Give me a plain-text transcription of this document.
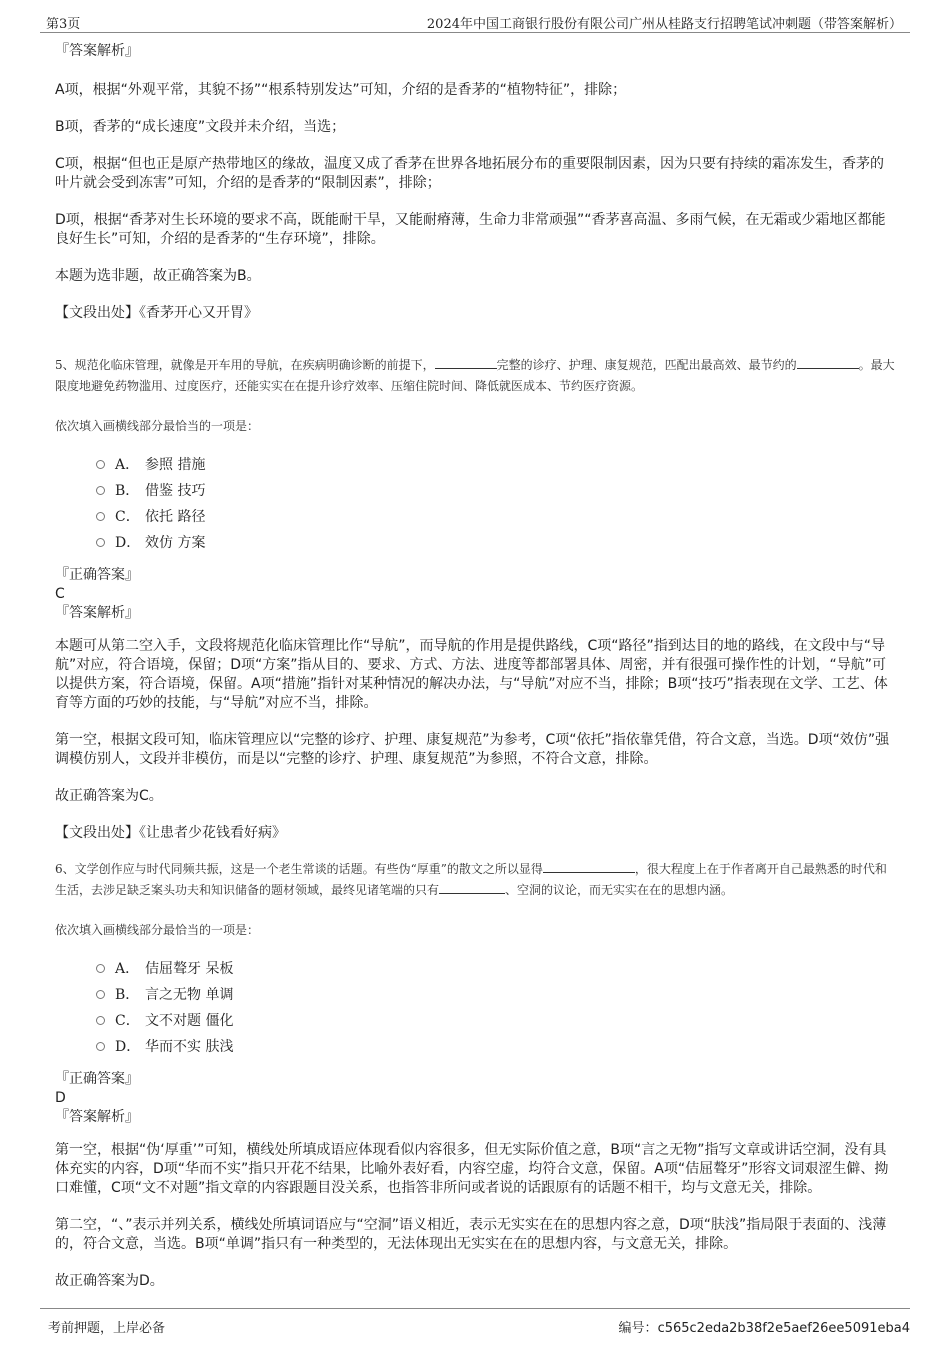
第3页	2024年中国工商银行股份有限公司广州从桂路支行招聘笔试冲刺题（带答案解析）

『答案解析』

A项，根据“外观平常，其貌不扬”“根系特别发达”可知，介绍的是香茅的“植物特征”，排除；

B项，香茅的“成长速度”文段并未介绍，当选；

C项，根据“但也正是原产热带地区的缘故，温度又成了香茅在世界各地拓展分布的重要限制因素，因为只要有持续的霜冻发生，香茅的叶片就会受到冻害”可知，介绍的是香茅的“限制因素”，排除；

D项，根据“香茅对生长环境的要求不高，既能耐干旱，又能耐瘠薄，生命力非常顽强”“香茅喜高温、多雨气候，在无霜或少霜地区都能良好生长”可知，介绍的是香茅的“生存环境”，排除。

本题为选非题，故正确答案为B。

【文段出处】《香茅开心又开胃》

5、规范化临床管理，就像是开车用的导航，在疾病明确诊断的前提下，	完整的诊疗、护理、康复规范，匹配出最高效、最节约的	。最大限度地避免药物滥用、过度医疗，还能实实在在提升诊疗效率、压缩住院时间、降低就医成本、节约医疗资源。

依次填入画横线部分最恰当的一项是：

A． 参照 措施
B． 借鉴 技巧
C． 依托 路径
D． 效仿 方案

『正确答案』

C

『答案解析』

本题可从第二空入手，文段将规范化临床管理比作“导航”，而导航的作用是提供路线，C项“路径”指到达目的地的路线，在文段中与“导航”对应，符合语境，保留；D项“方案”指从目的、要求、方式、方法、进度等都部署具体、周密，并有很强可操作性的计划，“导航”可以提供方案，符合语境，保留。A项“措施”指针对某种情况的解决办法，与“导航”对应不当，排除；B项“技巧”指表现在文学、工艺、体育等方面的巧妙的技能，与“导航”对应不当，排除。

第一空，根据文段可知，临床管理应以“完整的诊疗、护理、康复规范”为参考，C项“依托”指依靠凭借，符合文意，当选。D项“效仿”强调模仿别人，文段并非模仿，而是以“完整的诊疗、护理、康复规范”为参照，不符合文意，排除。

故正确答案为C。

【文段出处】《让患者少花钱看好病》

6、文学创作应与时代同频共振，这是一个老生常谈的话题。有些伪“厚重”的散文之所以显得	，很大程度上在于作者离开自己最熟悉的时代和生活，去涉足缺乏案头功夫和知识储备的题材领域，最终见诸笔端的只有	、空洞的议论，而无实实在在的思想内涵。

依次填入画横线部分最恰当的一项是：

A． 佶屈聱牙 呆板
B． 言之无物 单调
C． 文不对题 僵化
D． 华而不实 肤浅

『正确答案』

D

『答案解析』

第一空，根据“伪‘厚重’”可知，横线处所填成语应体现看似内容很多，但无实际价值之意，B项“言之无物”指写文章或讲话空洞，没有具体充实的内容，D项“华而不实”指只开花不结果，比喻外表好看，内容空虚，均符合文意，保留。A项“佶屈聱牙”形容文词艰涩生僻、拗口难懂，C项“文不对题”指文章的内容跟题目没关系，也指答非所问或者说的话跟原有的话题不相干，均与文意无关，排除。

第二空，“、”表示并列关系，横线处所填词语应与“空洞”语义相近，表示无实实在在的思想内容之意，D项“肤浅”指局限于表面的、浅薄的，符合文意，当选。B项“单调”指只有一种类型的，无法体现出无实实在在的思想内容，与文意无关，排除。

故正确答案为D。

考前押题，上岸必备	编号：c565c2eda2b38f2e5aef26ee5091eba4
